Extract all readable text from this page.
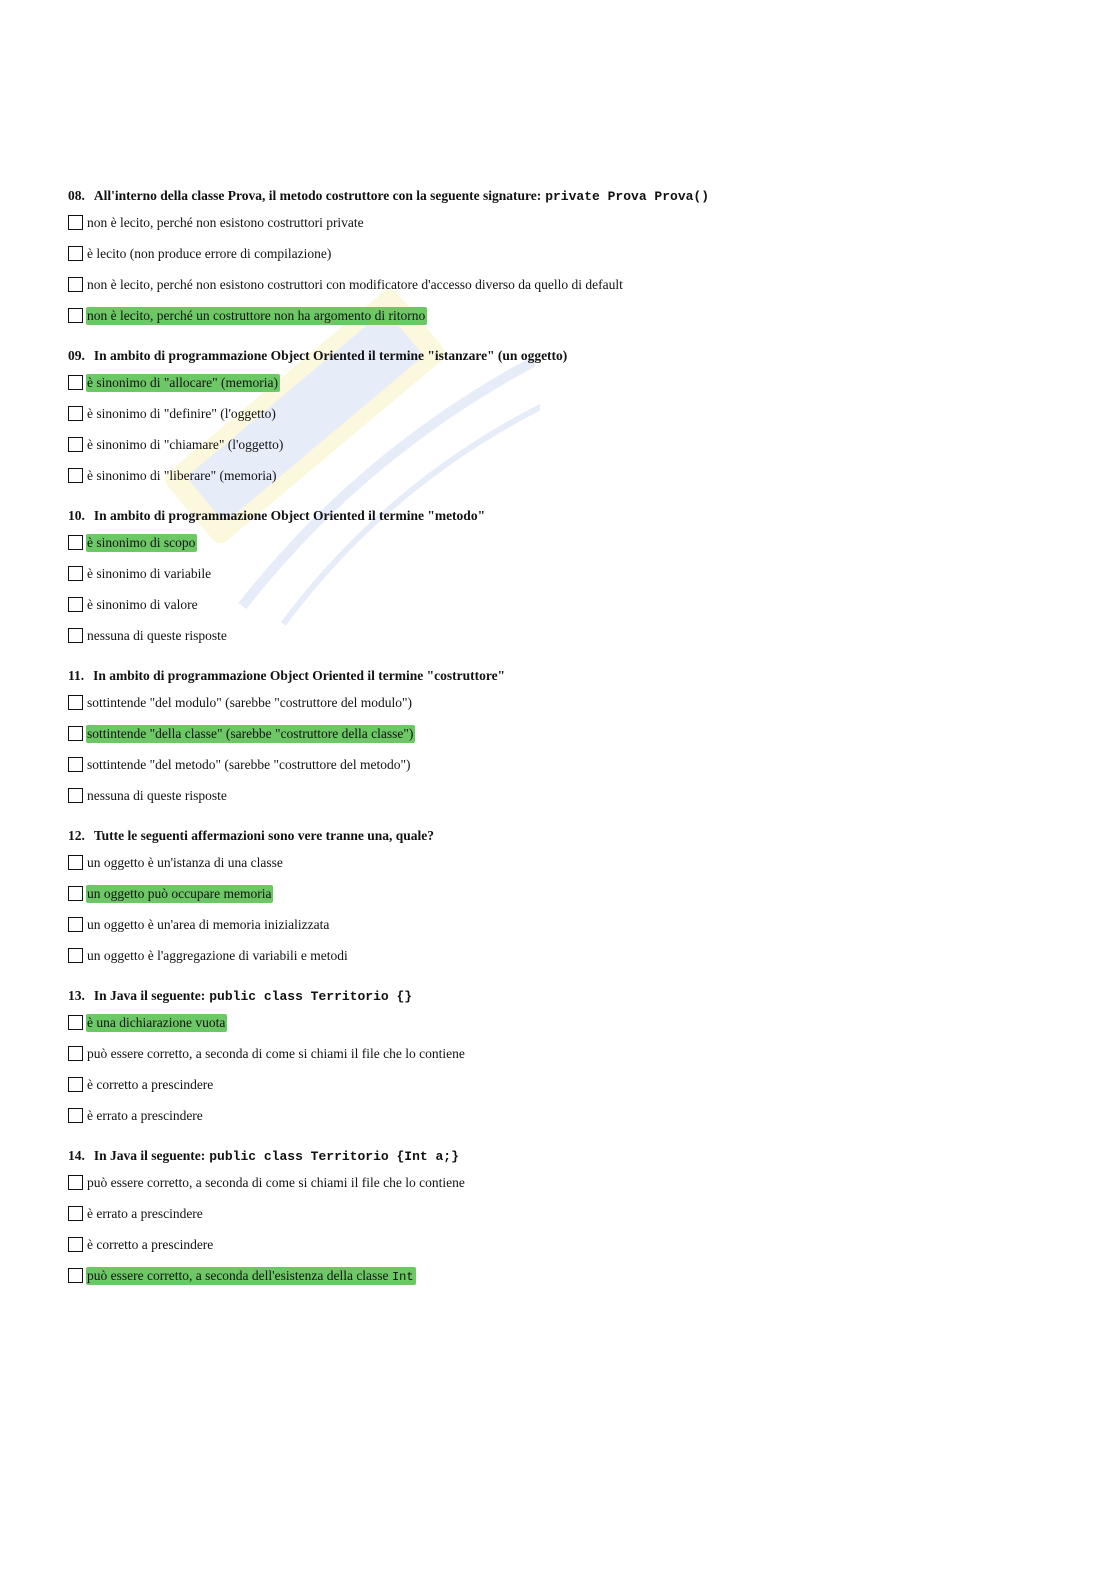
08. All'interno della classe Prova, il metodo costruttore con la seguente signature: private Prova Prova()
non è lecito, perché non esistono costruttori private
è lecito (non produce errore di compilazione)
non è lecito, perché non esistono costruttori con modificatore d'accesso diverso da quello di default
non è lecito, perché un costruttore non ha argomento di ritorno
09. In ambito di programmazione Object Oriented il termine "istanzare" (un oggetto)
è sinonimo di "allocare" (memoria)
è sinonimo di "definire" (l'oggetto)
è sinonimo di "chiamare" (l'oggetto)
è sinonimo di "liberare" (memoria)
10. In ambito di programmazione Object Oriented il termine "metodo"
è sinonimo di scopo
è sinonimo di variabile
è sinonimo di valore
nessuna di queste risposte
11. In ambito di programmazione Object Oriented il termine "costruttore"
sottintende "del modulo" (sarebbe "costruttore del modulo")
sottintende "della classe" (sarebbe "costruttore della classe")
sottintende "del metodo" (sarebbe "costruttore del metodo")
nessuna di queste risposte
12. Tutte le seguenti affermazioni sono vere tranne una, quale?
un oggetto è un'istanza di una classe
un oggetto può occupare memoria
un oggetto è un'area di memoria inizializzata
un oggetto è l'aggregazione di variabili e metodi
13. In Java il seguente: public class Territorio {}
è una dichiarazione vuota
può essere corretto, a seconda di come si chiami il file che lo contiene
è corretto a prescindere
è errato a prescindere
14. In Java il seguente: public class Territorio {Int a;}
può essere corretto, a seconda di come si chiami il file che lo contiene
è errato a prescindere
è corretto a prescindere
può essere corretto, a seconda dell'esistenza della classe Int
